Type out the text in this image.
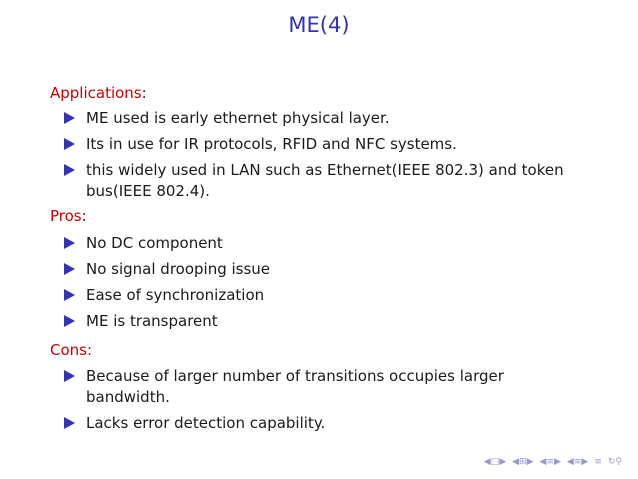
ME(4)

Applications:

ME used is early ethernet physical layer.
Its in use for IR protocols, RFID and NFC systems.
this widely used in LAN such as Ethernet(IEEE 802.3) and token bus(IEEE 802.4).

Pros:

No DC component
No signal drooping issue
Ease of synchronization
ME is transparent

Cons:

Because of larger number of transitions occupies larger bandwidth.
Lacks error detection capability.
◀□▶ ◀⊞▶ ◀≡▶ ◀≡▶ ≡ ↻⚲
